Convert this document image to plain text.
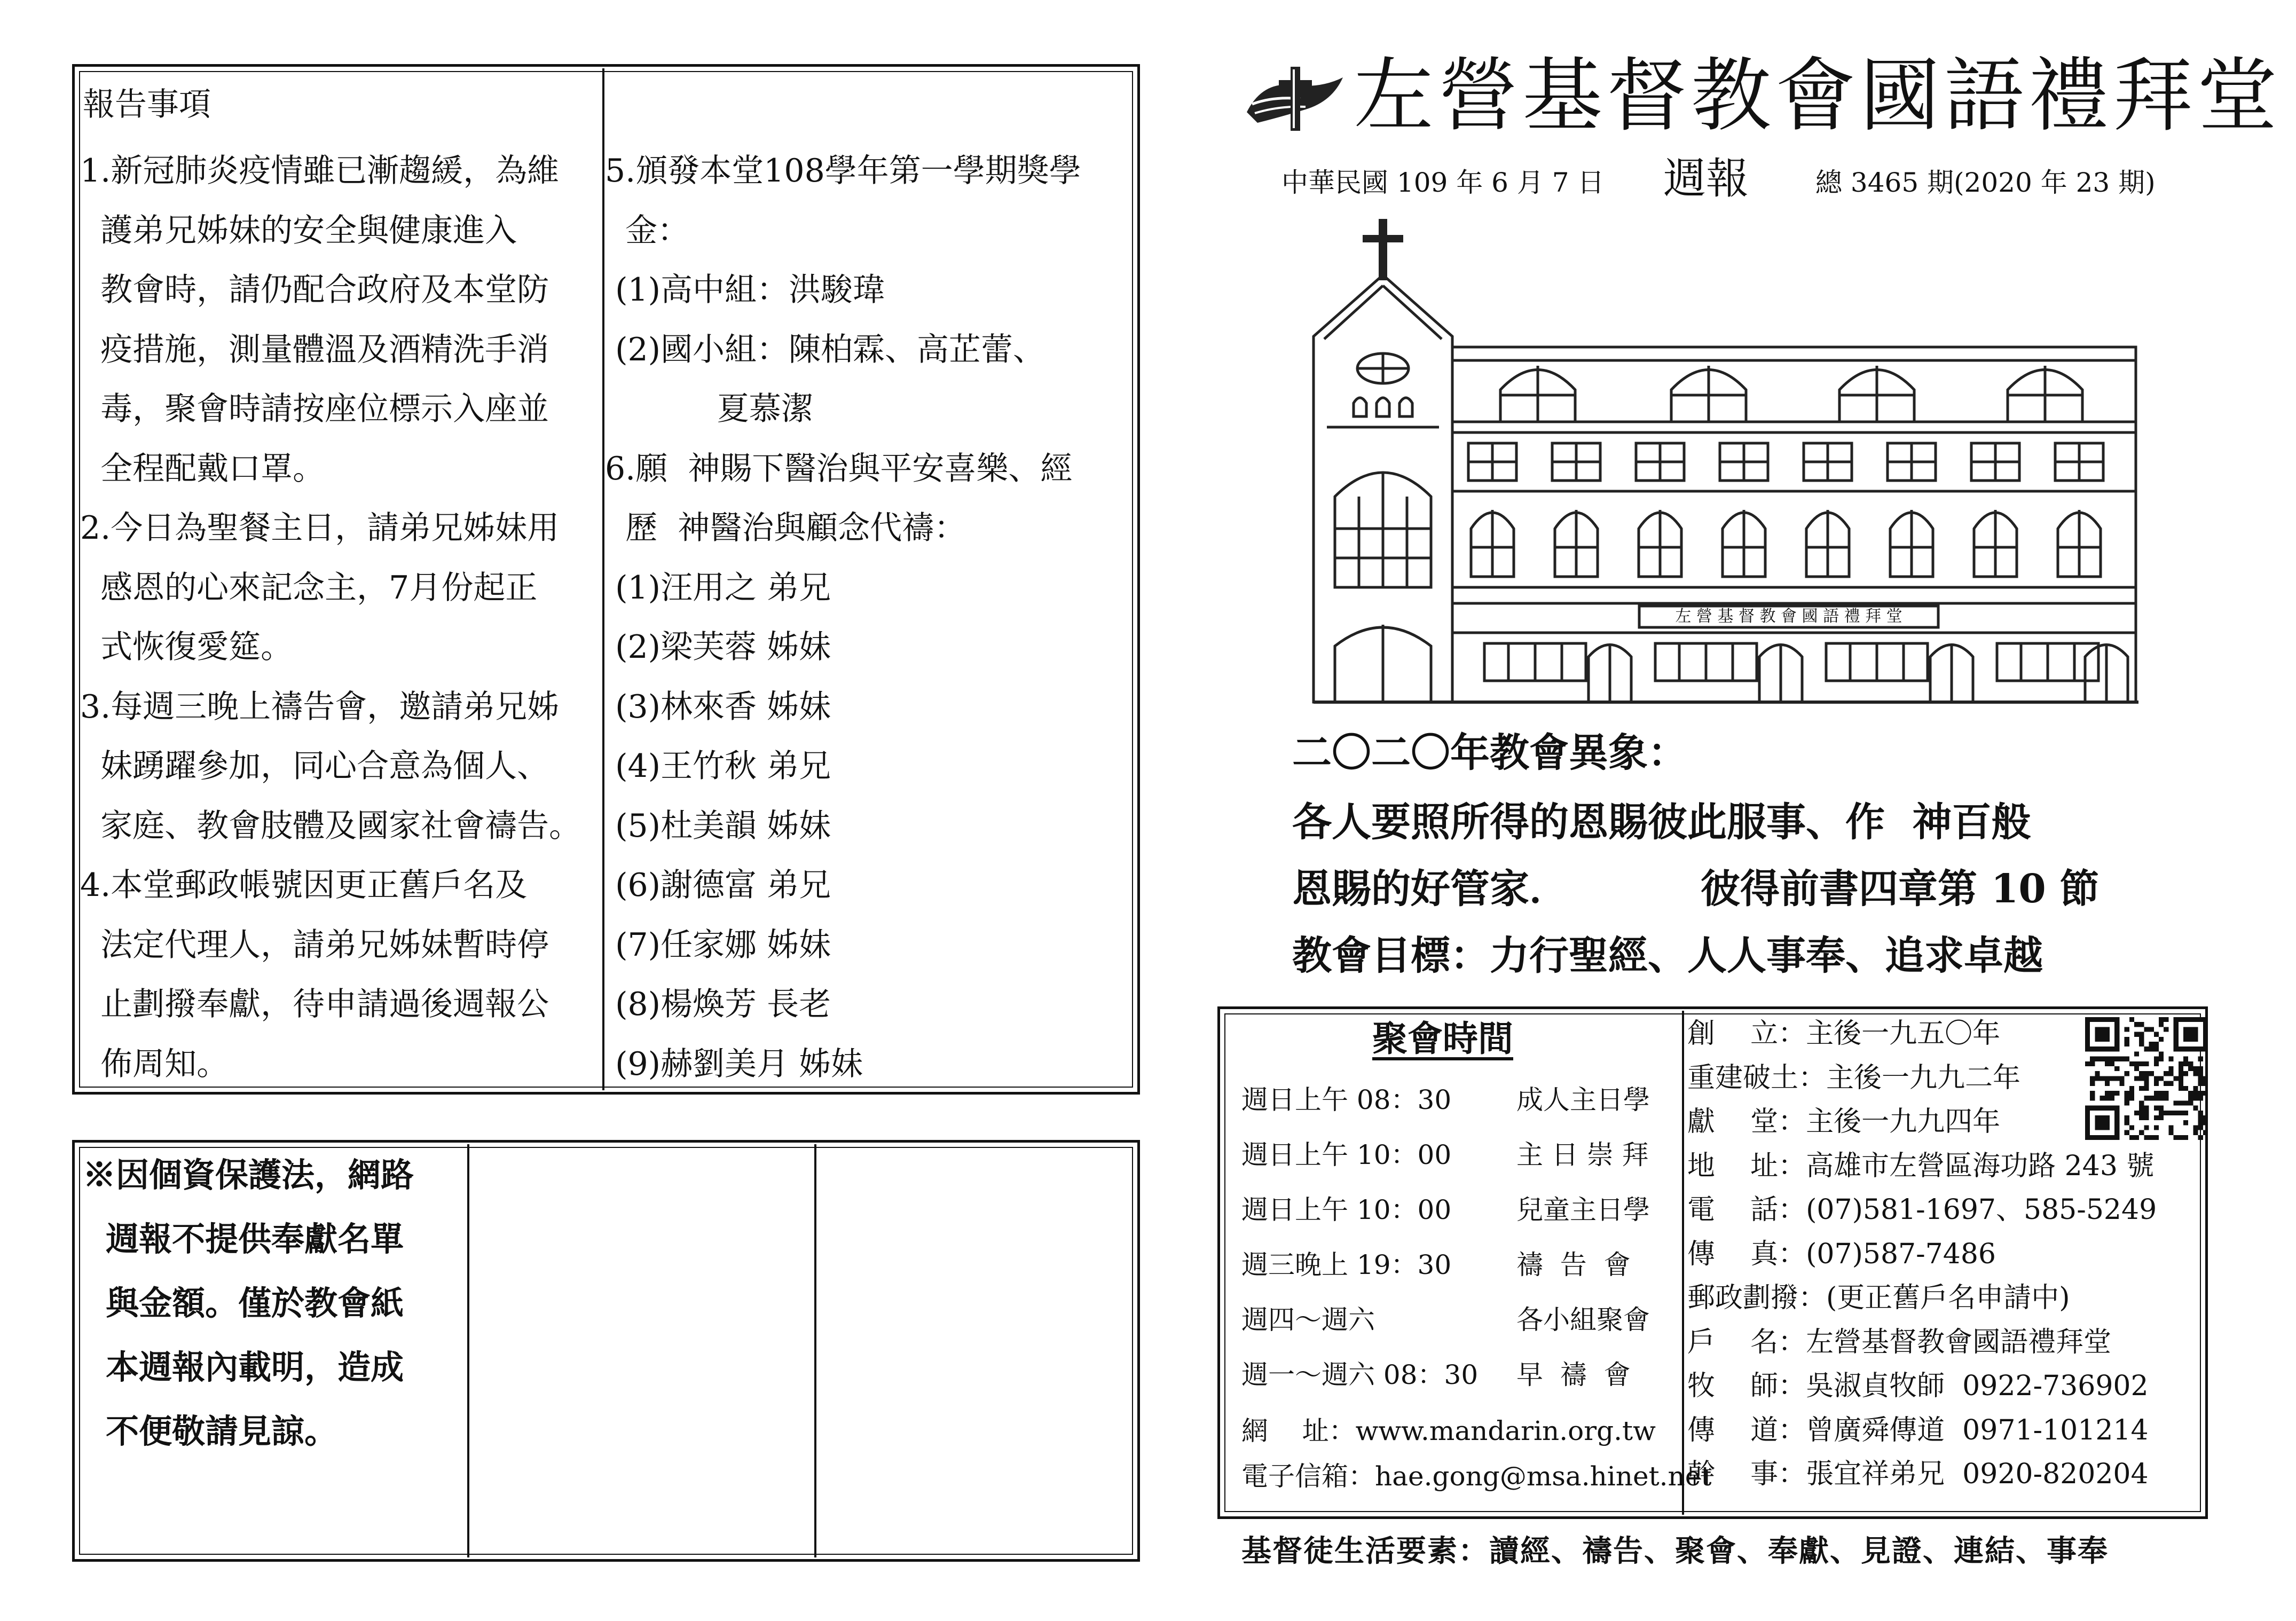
報告事項
1.新冠肺炎疫情雖已漸趨緩，為維
護弟兄姊妹的安全與健康進入
教會時，請仍配合政府及本堂防
疫措施，測量體溫及酒精洗手消
毒，聚會時請按座位標示入座並
全程配戴口罩。
2.今日為聖餐主日，請弟兄姊妹用
感恩的心來記念主，7月份起正
式恢復愛筵。
3.每週三晚上禱告會，邀請弟兄姊
妹踴躍參加，同心合意為個人、
家庭、教會肢體及國家社會禱告。
4.本堂郵政帳號因更正舊戶名及
法定代理人，請弟兄姊妹暫時停
止劃撥奉獻，待申請過後週報公
佈周知。
5.頒發本堂108學年第一學期獎學
金：
(1)高中組：洪駿瑋
(2)國小組：陳柏霖、高芷蕾、
夏慕潔
6.願  神賜下醫治與平安喜樂、經
歷  神醫治與顧念代禱：
(1)汪用之 弟兄
(2)梁芙蓉 姊妹
(3)林來香 姊妹
(4)王竹秋 弟兄
(5)杜美韻 姊妹
(6)謝德富 弟兄
(7)任家娜 姊妹
(8)楊煥芳 長老
(9)赫劉美月 姊妹
※因個資保護法，網路
週報不提供奉獻名單
與金額。僅於教會紙
本週報內載明，造成
不便敬請見諒。
左營基督教會國語禮拜堂
中華民國 109 年 6 月 7 日 週報	總 3465 期(2020 年 23 期)
左 營 基 督 教 會 國 語 禮 拜 堂
二〇二〇年教會異象：
各人要照所得的恩賜彼此服事、作  神百般
恩賜的好管家．	彼得前書四章第 10 節
教會目標：力行聖經、人人事奉、追求卓越
聚會時間
週日上午 08：30 成人主日學
週日上午 10：00 主 日 崇 拜
週日上午 10：00 兒童主日學
週三晚上 19：30 禱  告  會
週四～週六	各小組聚會
週一～週六 08：30 早  禱  會
網    址：www.mandarin.org.tw
電子信箱：hae.gong@msa.hinet.net
創    立：主後一九五〇年
重建破土：主後一九九二年
獻    堂：主後一九九四年
地    址：高雄市左營區海功路 243 號
電    話：(07)581-1697、585-5249
傳    真：(07)587-7486
郵政劃撥：(更正舊戶名申請中)
戶    名：左營基督教會國語禮拜堂
牧    師：吳淑貞牧師  0922-736902
傳    道：曾廣舜傳道  0971-101214
幹    事：張宜祥弟兄  0920-820204
基督徒生活要素：讀經、禱告、聚會、奉獻、見證、連結、事奉
